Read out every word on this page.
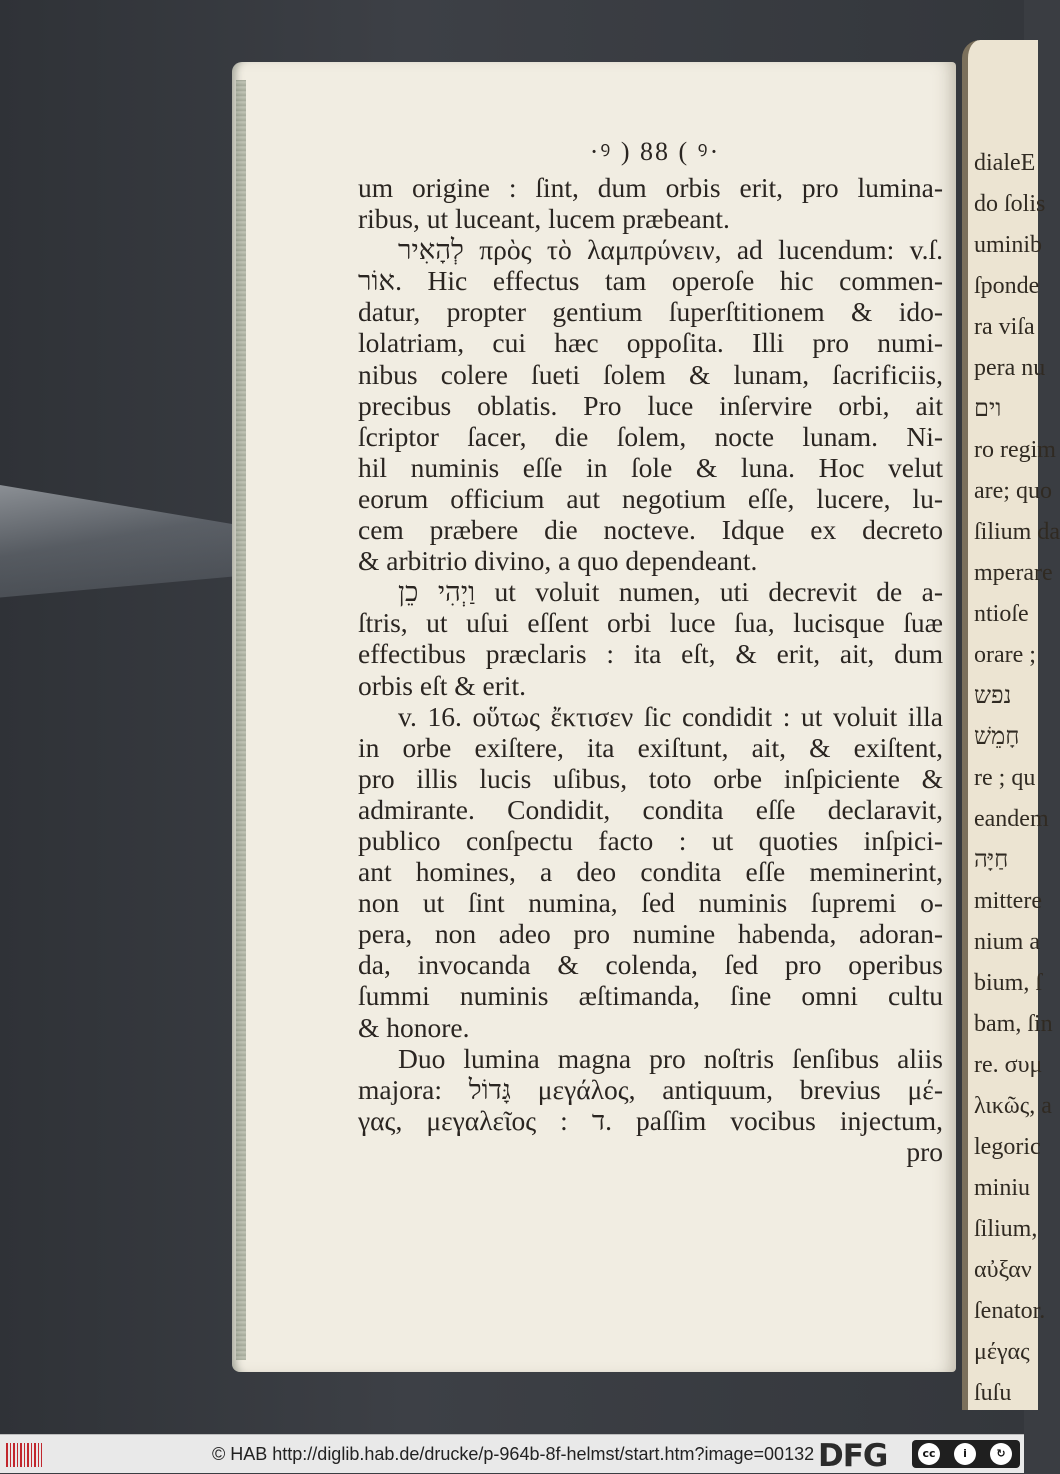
dialeE
do ſolis
uminib
ſponde
ra viſa
pera nu
וים
ro regim
are; quo
ſilium da
mperare
ntioſe
orare ;
נפש
חָמֵשׁ
re ; qu
eandem
חַיָּה
mittere
nium a
bium, ſ
bam, ſin
re. συμ
λικῶς, a
legoric
miniu
ſilium,
αὐξαν
ſenator.
μέγας
ſuſu
·ꝰ ) 88 ( ꝰ·
um origine : ſint, dum orbis erit, pro lumina-
ribus, ut luceant, lucem præbeant.
לְהָאִיר πρὸς τὸ λαμπρύνειν, ad lucendum: v.ſ.
אוֹר. Hic effectus tam operoſe hic commen-
datur, propter gentium ſuperſtitionem & ido-
lolatriam, cui hæc oppoſita. Illi pro numi-
nibus colere ſueti ſolem & lunam, ſacrificiis,
precibus oblatis. Pro luce inſervire orbi, ait
ſcriptor ſacer, die ſolem, nocte lunam. Ni-
hil numinis eſſe in ſole & luna. Hoc velut
eorum officium aut negotium eſſe, lucere, lu-
cem præbere die nocteve. Idque ex decreto
& arbitrio divino, a quo dependeant.
וַיְהִי כֵן ut voluit numen, uti decrevit de a-
ſtris, ut uſui eſſent orbi luce ſua, lucisque ſuæ
effectibus præclaris : ita eſt, & erit, ait, dum
orbis eſt & erit.
v. 16. οὕτως ἔκτισεν ſic condidit : ut voluit illa
in orbe exiſtere, ita exiſtunt, ait, & exiſtent,
pro illis lucis uſibus, toto orbe inſpiciente &
admirante. Condidit, condita eſſe declaravit,
publico conſpectu facto : ut quoties inſpici-
ant homines, a deo condita eſſe meminerint,
non ut ſint numina, ſed numinis ſupremi o-
pera, non adeo pro numine habenda, adoran-
da, invocanda & colenda, ſed pro operibus
ſummi numinis æſtimanda, ſine omni cultu
& honore.
Duo lumina magna pro noſtris ſenſibus aliis
majora: גָּדוֹל μεγάλος, antiquum, brevius μέ-
γας, μεγαλεῖος : ד. paſſim vocibus injectum,
pro
© HAB http://diglib.hab.de/drucke/p-964b-8f-helmst/start.htm?image=00132 DFG	cc	i	↻
